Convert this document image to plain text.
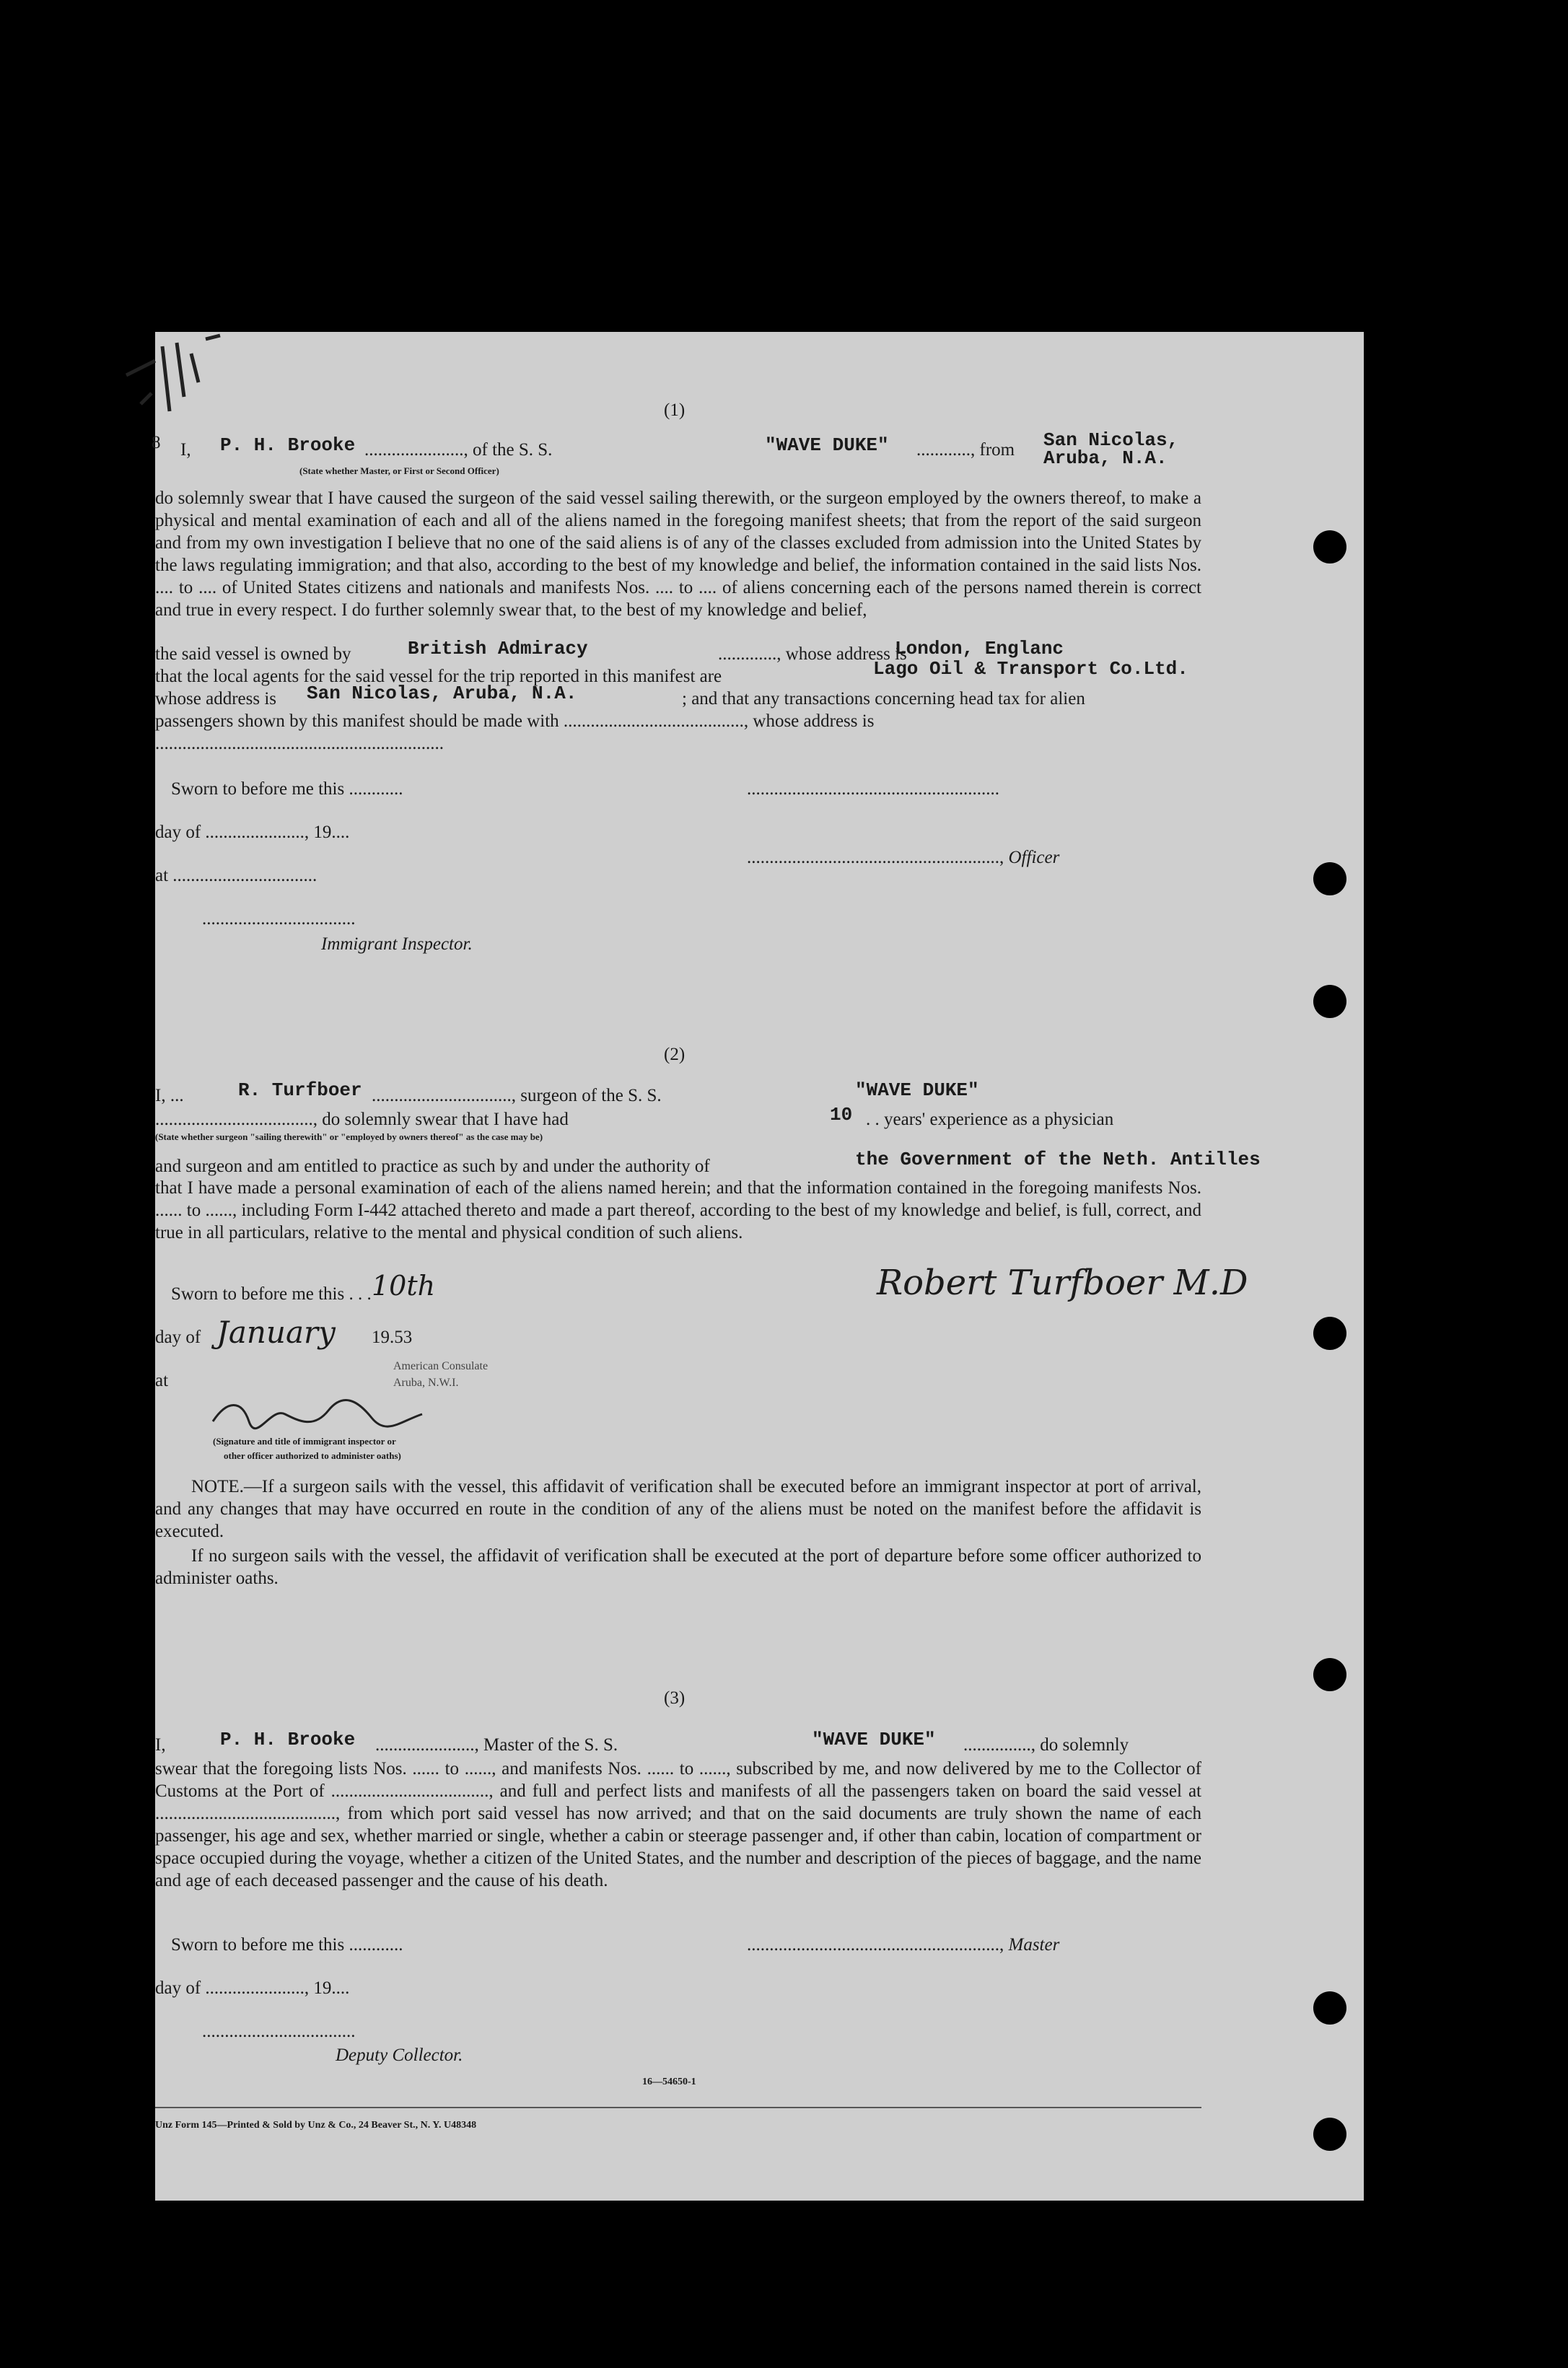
(1)
8 I, P. H. Brooke ......................, of the S. S.	"WAVE DUKE" ............, from San Nicolas,
Aruba, N.A.
(State whether Master, or First or Second Officer)
do solemnly swear that I have caused the surgeon of the said vessel sailing therewith, or the surgeon employed by the owners thereof, to make a physical and mental examination of each and all of the aliens named in the foregoing manifest sheets; that from the report of the said surgeon and from my own investigation I believe that no one of the said aliens is of any of the classes excluded from admission into the United States by the laws regulating immigration; and that also, according to the best of my knowledge and belief, the information contained in the said lists Nos. .... to .... of United States citizens and nationals and manifests Nos. .... to .... of aliens concerning each of the persons named therein is correct and true in every respect. I do further solemnly swear that, to the best of my knowledge and belief,
the said vessel is owned by	British Admiracy	............., whose address is
London, Englanc
that the local agents for the said vessel for the trip reported in this manifest are	Lago Oil & Transport Co.Ltd.
whose address is San Nicolas, Aruba, N.A.	; and that any transactions concerning head tax for alien
passengers shown by this manifest should be made with ........................................, whose address is
................................................................
Sworn to before me this ............	........................................................
day of ......................, 19....
........................................................, Officer
at ................................
..................................
Immigrant Inspector.
(2)
I, ...	R. Turfboer ..............................., surgeon of the S. S.	"WAVE DUKE"
..................................., do solemnly swear that I have had	10 . . years' experience as a physician
(State whether surgeon "sailing therewith" or "employed by owners thereof" as the case may be)
and surgeon and am entitled to practice as such by and under the authority of	the Government of the Neth. Antilles
that I have made a personal examination of each of the aliens named herein; and that the information contained in the foregoing manifests Nos. ...... to ......, including Form I-442 attached thereto and made a part thereof, according to the best of my knowledge and belief, is full, correct, and true in all particulars, relative to the mental and physical condition of such aliens.
Sworn to before me this . . . 10th	Robert Turfboer M.D
day of January 19.53
American Consulate
Aruba, N.W.I.
at
(Signature and title of immigrant inspector or
other officer authorized to administer oaths)
NOTE.—If a surgeon sails with the vessel, this affidavit of verification shall be executed before an immigrant inspector at port of arrival, and any changes that may have occurred en route in the condition of any of the aliens must be noted on the manifest before the affidavit is executed.
If no surgeon sails with the vessel, the affidavit of verification shall be executed at the port of departure before some officer authorized to administer oaths.
(3)
I,	P. H. Brooke ......................, Master of the S. S.	"WAVE DUKE" ..............., do solemnly
swear that the foregoing lists Nos. ...... to ......, and manifests Nos. ...... to ......, subscribed by me, and now delivered by me to the Collector of Customs at the Port of ..................................., and full and perfect lists and manifests of all the passengers taken on board the said vessel at ........................................, from which port said vessel has now arrived; and that on the said documents are truly shown the name of each passenger, his age and sex, whether married or single, whether a cabin or steerage passenger and, if other than cabin, location of compartment or space occupied during the voyage, whether a citizen of the United States, and the number and description of the pieces of baggage, and the name and age of each deceased passenger and the cause of his death.
Sworn to before me this ............	........................................................, Master
day of ......................, 19....
..................................
Deputy Collector.
16—54650-1
Unz Form 145—Printed & Sold by Unz & Co., 24 Beaver St., N. Y. U48348
